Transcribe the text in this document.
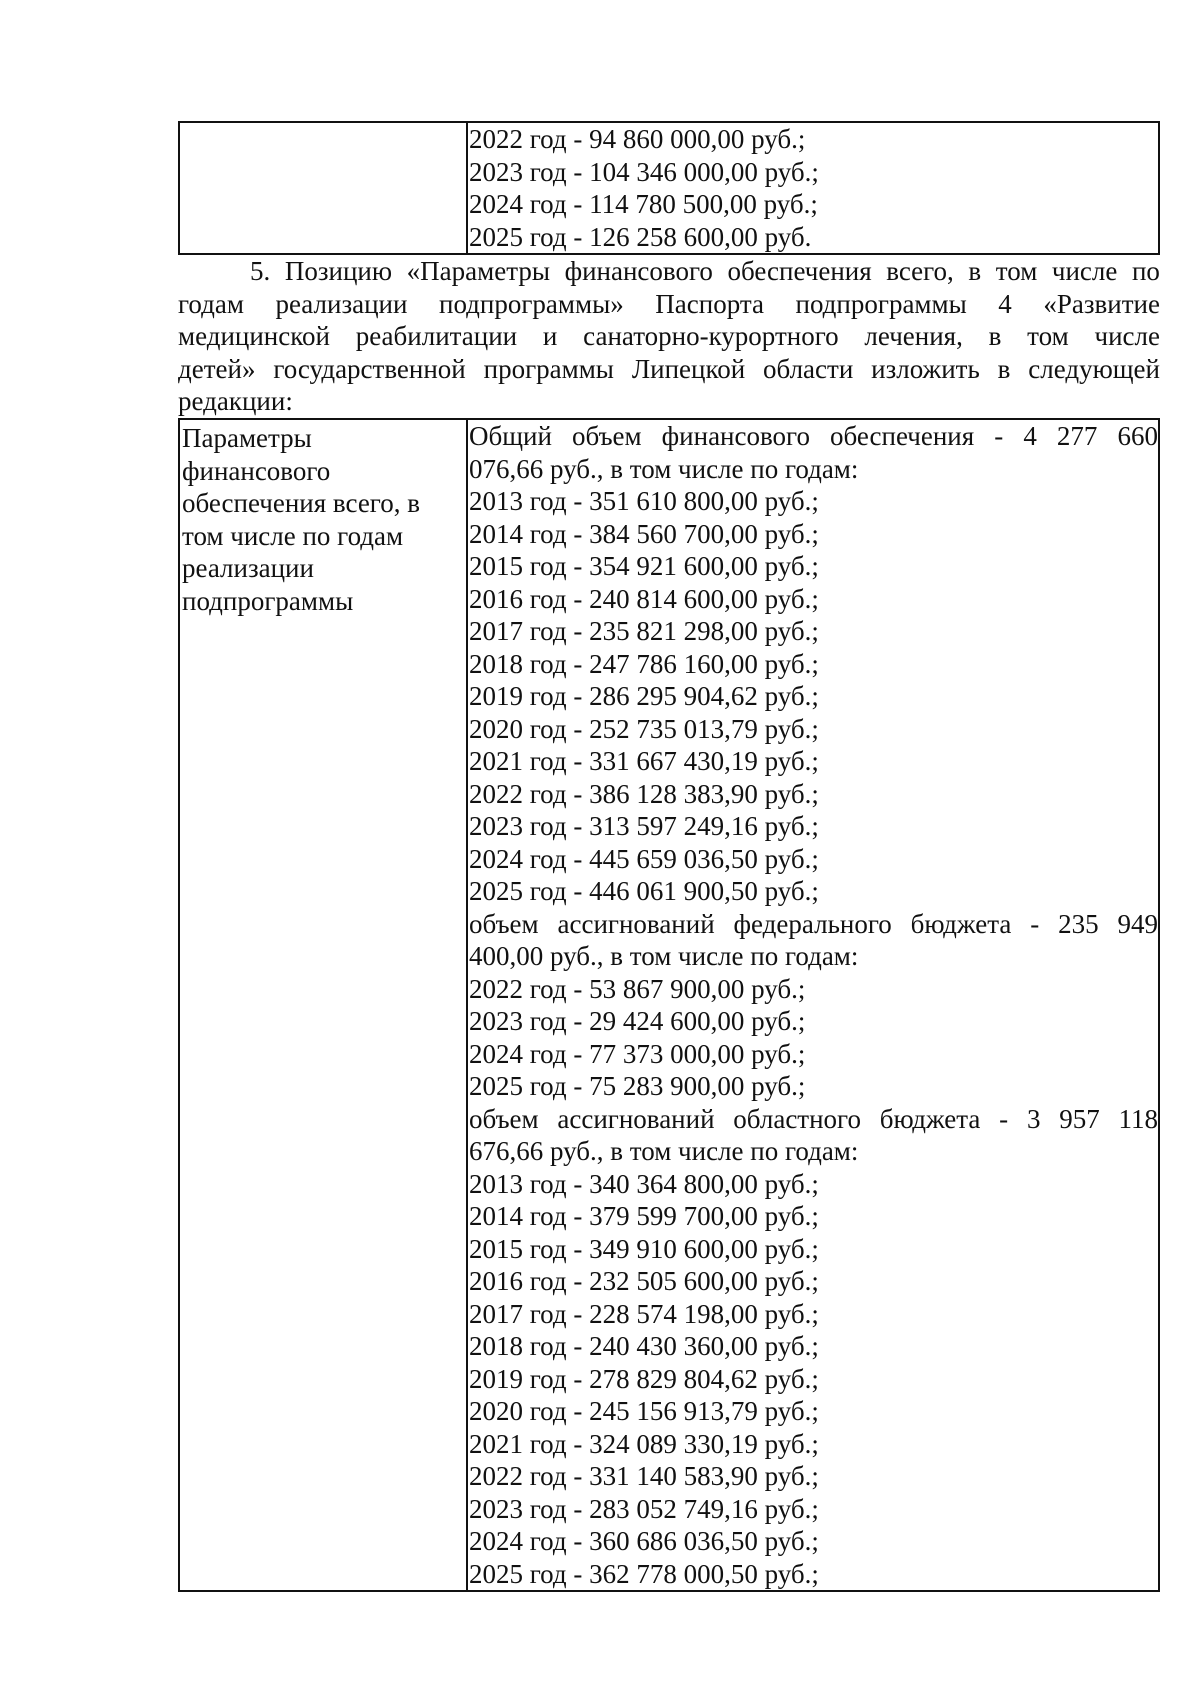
2022 год - 94 860 000,00 руб.;
2023 год - 104 346 000,00 руб.;
2024 год - 114 780 500,00 руб.;
2025 год - 126 258 600,00 руб.
5. Позицию «Параметры финансового обеспечения всего, в том числе по
годам реализации подпрограммы» Паспорта подпрограммы 4 «Развитие
медицинской реабилитации и санаторно-курортного лечения, в том числе
детей» государственной программы Липецкой области изложить в следующей
редакции:
Параметры
финансового
обеспечения всего, в
том числе по годам
реализации
подпрограммы
Общий объем финансового обеспечения - 4 277 660
076,66 руб., в том числе по годам:
2013 год - 351 610 800,00 руб.;
2014 год - 384 560 700,00 руб.;
2015 год - 354 921 600,00 руб.;
2016 год - 240 814 600,00 руб.;
2017 год - 235 821 298,00 руб.;
2018 год - 247 786 160,00 руб.;
2019 год - 286 295 904,62 руб.;
2020 год - 252 735 013,79 руб.;
2021 год - 331 667 430,19 руб.;
2022 год - 386 128 383,90 руб.;
2023 год - 313 597 249,16 руб.;
2024 год - 445 659 036,50 руб.;
2025 год - 446 061 900,50 руб.;
объем ассигнований федерального бюджета - 235 949
400,00 руб., в том числе по годам:
2022 год - 53 867 900,00 руб.;
2023 год - 29 424 600,00 руб.;
2024 год - 77 373 000,00 руб.;
2025 год - 75 283 900,00 руб.;
объем ассигнований областного бюджета - 3 957 118
676,66 руб., в том числе по годам:
2013 год - 340 364 800,00 руб.;
2014 год - 379 599 700,00 руб.;
2015 год - 349 910 600,00 руб.;
2016 год - 232 505 600,00 руб.;
2017 год - 228 574 198,00 руб.;
2018 год - 240 430 360,00 руб.;
2019 год - 278 829 804,62 руб.;
2020 год - 245 156 913,79 руб.;
2021 год - 324 089 330,19 руб.;
2022 год - 331 140 583,90 руб.;
2023 год - 283 052 749,16 руб.;
2024 год - 360 686 036,50 руб.;
2025 год - 362 778 000,50 руб.;
